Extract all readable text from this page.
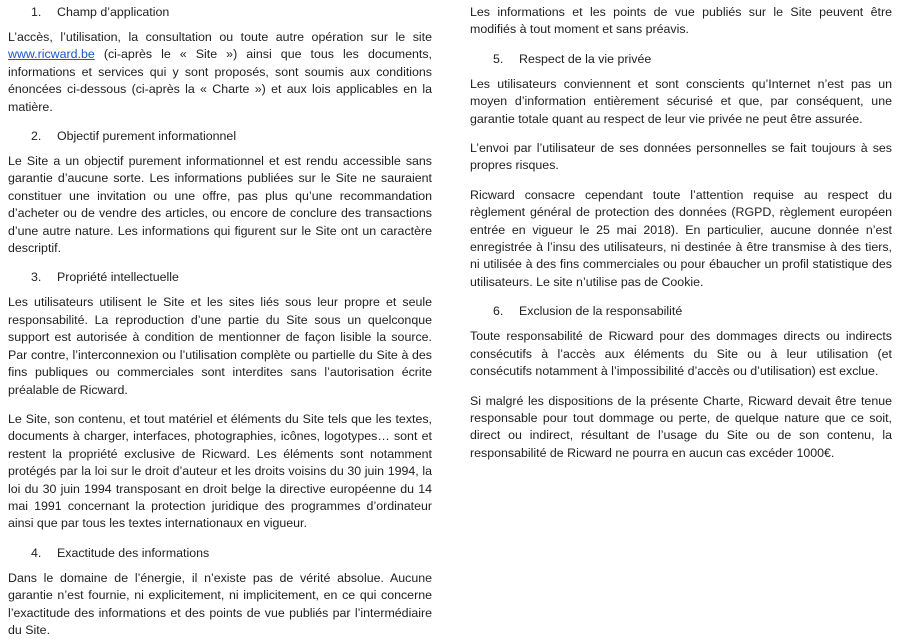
1. Champ d’application

L’accès, l’utilisation, la consultation ou toute autre opération sur le site www.ricward.be (ci-après le « Site ») ainsi que tous les documents, informations et services qui y sont proposés, sont soumis aux conditions énoncées ci-dessous (ci-après la « Charte ») et aux lois applicables en la matière.

2. Objectif purement informationnel

Le Site a un objectif purement informationnel et est rendu accessible sans garantie d’aucune sorte. Les informations publiées sur le Site ne sauraient constituer une invitation ou une offre, pas plus qu’une recommandation d’acheter ou de vendre des articles, ou encore de conclure des transactions d’une autre nature. Les informations qui figurent sur le Site ont un caractère descriptif.

3. Propriété intellectuelle

Les utilisateurs utilisent le Site et les sites liés sous leur propre et seule responsabilité. La reproduction d’une partie du Site sous un quelconque support est autorisée à condition de mentionner de façon lisible la source. Par contre, l’interconnexion ou l’utilisation complète ou partielle du Site à des fins publiques ou commerciales sont interdites sans l’autorisation écrite préalable de Ricward.

Le Site, son contenu, et tout matériel et éléments du Site tels que les textes, documents à charger, interfaces, photographies, icônes, logotypes… sont et restent la propriété exclusive de Ricward. Les éléments sont notamment protégés par la loi sur le droit d’auteur et les droits voisins du 30 juin 1994, la loi du 30 juin 1994 transposant en droit belge la directive européenne du 14 mai 1991 concernant la protection juridique des programmes d’ordinateur ainsi que par tous les textes internationaux en vigueur.

4. Exactitude des informations

Dans le domaine de l’énergie, il n’existe pas de vérité absolue. Aucune garantie n’est fournie, ni explicitement, ni implicitement, en ce qui concerne l’exactitude des informations et des points de vue publiés par l’intermédiaire du Site.

Les informations et les points de vue publiés sur le Site peuvent être modifiés à tout moment et sans préavis.

5. Respect de la vie privée

Les utilisateurs conviennent et sont conscients qu’Internet n’est pas un moyen d’information entièrement sécurisé et que, par conséquent, une garantie totale quant au respect de leur vie privée ne peut être assurée.

L’envoi par l’utilisateur de ses données personnelles se fait toujours à ses propres risques.

Ricward consacre cependant toute l’attention requise au respect du règlement général de protection des données (RGPD, règlement européen entrée en vigueur le 25 mai 2018). En particulier, aucune donnée n’est enregistrée à l’insu des utilisateurs, ni destinée à être transmise à des tiers, ni utilisée à des fins commerciales ou pour ébaucher un profil statistique des utilisateurs. Le site n’utilise pas de Cookie.

6. Exclusion de la responsabilité

Toute responsabilité de Ricward pour des dommages directs ou indirects consécutifs à l’accès aux éléments du Site ou à leur utilisation (et consécutifs notamment à l’impossibilité d’accès ou d’utilisation) est exclue.

Si malgré les dispositions de la présente Charte, Ricward devait être tenue responsable pour tout dommage ou perte, de quelque nature que ce soit, direct ou indirect, résultant de l’usage du Site ou de son contenu, la responsabilité de Ricward ne pourra en aucun cas excéder 1000€.
